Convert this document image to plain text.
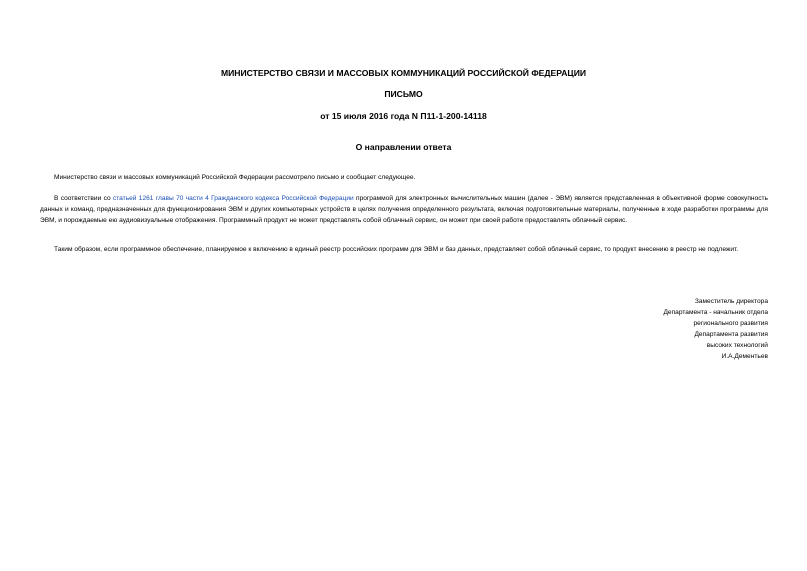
МИНИСТЕРСТВО СВЯЗИ И МАССОВЫХ КОММУНИКАЦИЙ РОССИЙСКОЙ ФЕДЕРАЦИИ
ПИСЬМО
от 15 июля 2016 года N П11-1-200-14118
О направлении ответа

Министерство связи и массовых коммуникаций Российской Федерации рассмотрело письмо и сообщает следующее.

В соответствии со статьей 1261 главы 70 части 4 Гражданского кодекса Российской Федерации программой для электронных вычислительных машин (далее - ЭВМ) является представленная в объективной форме совокупность данных и команд, предназначенных для функционирования ЭВМ и других компьютерных устройств в целях получения определенного результата, включая подготовительные материалы, полученные в ходе разработки программы для ЭВМ, и порождаемые ею аудиовизуальные отображения. Программный продукт не может представлять собой облачный сервис, он может при своей работе предоставлять облачный сервис.

Таким образом, если программное обеспечение, планируемое к включению в единый реестр российских программ для ЭВМ и баз данных, представляет собой облачный сервис, то продукт внесению в реестр не подлежит.

Заместитель директора
Департамента - начальник отдела
регионального развития
Департамента развития
высоких технологий
И.А.Дементьев
